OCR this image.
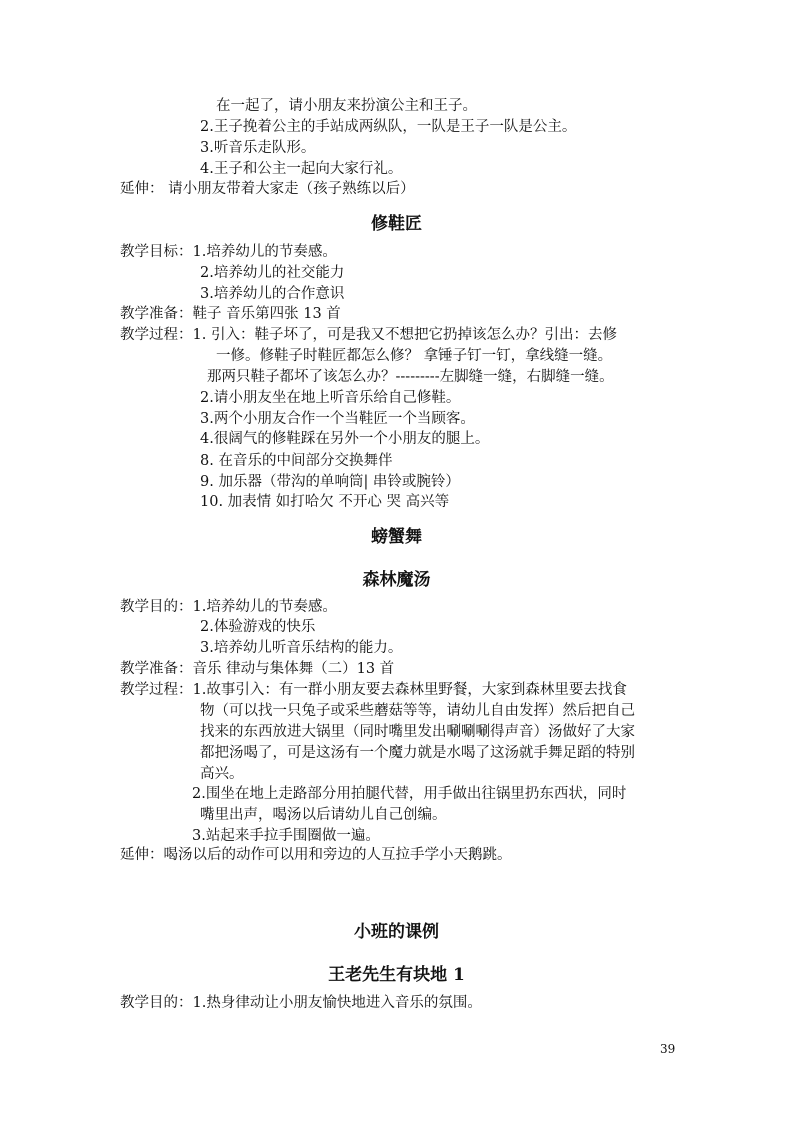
在一起了，请小朋友来扮演公主和王子。
2.王子挽着公主的手站成两纵队，一队是王子一队是公主。
3.听音乐走队形。
4.王子和公主一起向大家行礼。
延伸： 请小朋友带着大家走（孩子熟练以后）
修鞋匠
教学目标：1.培养幼儿的节奏感。
2.培养幼儿的社交能力
3.培养幼儿的合作意识
教学准备：鞋子 音乐第四张 13 首
教学过程：1. 引入：鞋子坏了，可是我又不想把它扔掉该怎么办？引出：去修
一修。修鞋子时鞋匠都怎么修？ 拿锤子钉一钉，拿线缝一缝。
那两只鞋子都坏了该怎么办？---------左脚缝一缝，右脚缝一缝。
2.请小朋友坐在地上听音乐给自己修鞋。
3.两个小朋友合作一个当鞋匠一个当顾客。
4.很阔气的修鞋踩在另外一个小朋友的腿上。
8. 在音乐的中间部分交换舞伴
9. 加乐器（带沟的单响筒| 串铃或腕铃）
10. 加表情 如打哈欠 不开心 哭 高兴等
螃蟹舞
森林魔汤
教学目的：1.培养幼儿的节奏感。
2.体验游戏的快乐
3.培养幼儿听音乐结构的能力。
教学准备：音乐 律动与集体舞（二）13 首
教学过程：1.故事引入：有一群小朋友要去森林里野餐，大家到森林里要去找食
物（可以找一只兔子或采些蘑菇等等，请幼儿自由发挥）然后把自己
找来的东西放进大锅里（同时嘴里发出唰唰唰得声音）汤做好了大家
都把汤喝了，可是这汤有一个魔力就是水喝了这汤就手舞足蹈的特别
高兴。
2.围坐在地上走路部分用拍腿代替，用手做出往锅里扔东西状，同时
嘴里出声，喝汤以后请幼儿自己创编。
3.站起来手拉手围圈做一遍。
延伸：喝汤以后的动作可以用和旁边的人互拉手学小天鹅跳。
小班的课例
王老先生有块地 1
教学目的：1.热身律动让小朋友愉快地进入音乐的氛围。
39
